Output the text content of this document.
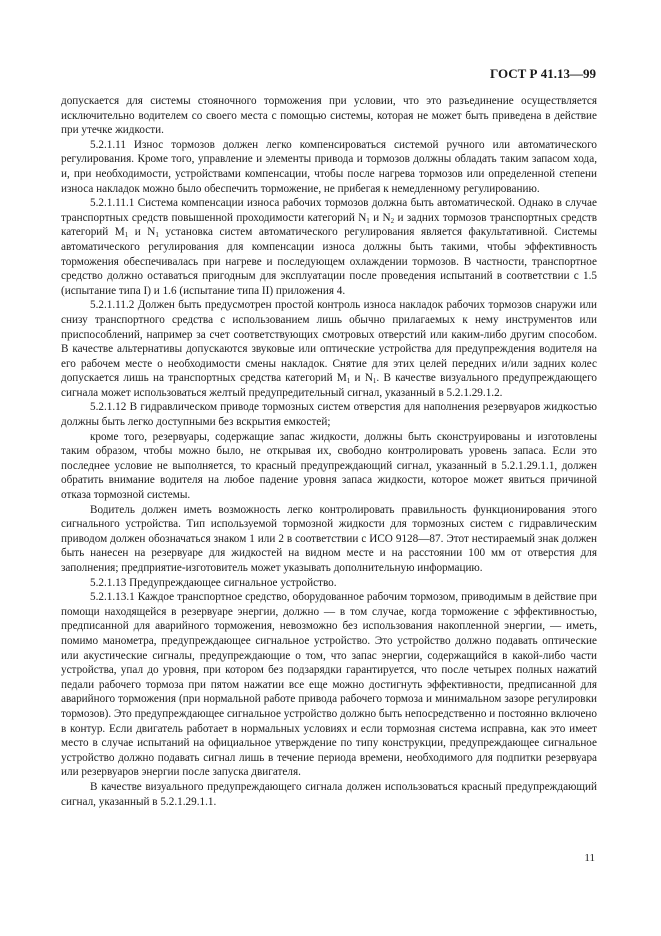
ГОСТ Р 41.13—99

допускается для системы стояночного торможения при условии, что это разъединение осуществляется исключительно водителем со своего места с помощью системы, которая не может быть приведена в действие при утечке жидкости.

5.2.1.11 Износ тормозов должен легко компенсироваться системой ручного или автоматического регулирования. Кроме того, управление и элементы привода и тормозов должны обладать таким запасом хода, и, при необходимости, устройствами компенсации, чтобы после нагрева тормозов или определенной степени износа накладок можно было обеспечить торможение, не прибегая к немедленному регулированию.

5.2.1.11.1 Система компенсации износа рабочих тормозов должна быть автоматической. Однако в случае транспортных средств повышенной проходимости категорий $N_1$ и $N_2$ и задних тормозов транспортных средств категорий $M_1$ и $N_1$ установка систем автоматического регулирования является факультативной. Системы автоматического регулирования для компенсации износа должны быть такими, чтобы эффективность торможения обеспечивалась при нагреве и последующем охлаждении тормозов. В частности, транспортное средство должно оставаться пригодным для эксплуатации после проведения испытаний в соответствии с 1.5 (испытание типа I) и 1.6 (испытание типа II) приложения 4.

5.2.1.11.2 Должен быть предусмотрен простой контроль износа накладок рабочих тормозов снаружи или снизу транспортного средства с использованием лишь обычно прилагаемых к нему инструментов или приспособлений, например за счет соответствующих смотровых отверстий или каким-либо другим способом. В качестве альтернативы допускаются звуковые или оптические устройства для предупреждения водителя на его рабочем месте о необходимости смены накладок. Снятие для этих целей передних и/или задних колес допускается лишь на транспортных средства категорий $M_1$ и $N_1$. В качестве визуального предупреждающего сигнала может использоваться желтый предупредительный сигнал, указанный в 5.2.1.29.1.2.

5.2.1.12 В гидравлическом приводе тормозных систем отверстия для наполнения резервуаров жидкостью должны быть легко доступными без вскрытия емкостей;

кроме того, резервуары, содержащие запас жидкости, должны быть сконструированы и изготовлены таким образом, чтобы можно было, не открывая их, свободно контролировать уровень запаса. Если это последнее условие не выполняется, то красный предупреждающий сигнал, указанный в 5.2.1.29.1.1, должен обратить внимание водителя на любое падение уровня запаса жидкости, которое может явиться причиной отказа тормозной системы.

Водитель должен иметь возможность легко контролировать правильность функционирования этого сигнального устройства. Тип используемой тормозной жидкости для тормозных систем с гидравлическим приводом должен обозначаться знаком 1 или 2 в соответствии с ИСО 9128—87. Этот нестираемый знак должен быть нанесен на резервуаре для жидкостей на видном месте и на расстоянии 100 мм от отверстия для заполнения; предприятие-изготовитель может указывать дополнительную информацию.

5.2.1.13 Предупреждающее сигнальное устройство.

5.2.1.13.1 Каждое транспортное средство, оборудованное рабочим тормозом, приводимым в действие при помощи находящейся в резервуаре энергии, должно — в том случае, когда торможение с эффективностью, предписанной для аварийного торможения, невозможно без использования накопленной энергии, — иметь, помимо манометра, предупреждающее сигнальное устройство. Это устройство должно подавать оптические или акустические сигналы, предупреждающие о том, что запас энергии, содержащийся в какой-либо части устройства, упал до уровня, при котором без подзарядки гарантируется, что после четырех полных нажатий педали рабочего тормоза при пятом нажатии все еще можно достигнуть эффективности, предписанной для аварийного торможения (при нормальной работе привода рабочего тормоза и минимальном зазоре регулировки тормозов). Это предупреждающее сигнальное устройство должно быть непосредственно и постоянно включено в контур. Если двигатель работает в нормальных условиях и если тормозная система исправна, как это имеет место в случае испытаний на официальное утверждение по типу конструкции, предупреждающее сигнальное устройство должно подавать сигнал лишь в течение периода времени, необходимого для подпитки резервуара или резервуаров энергии после запуска двигателя.

В качестве визуального предупреждающего сигнала должен использоваться красный предупреждающий сигнал, указанный в 5.2.1.29.1.1.

11
